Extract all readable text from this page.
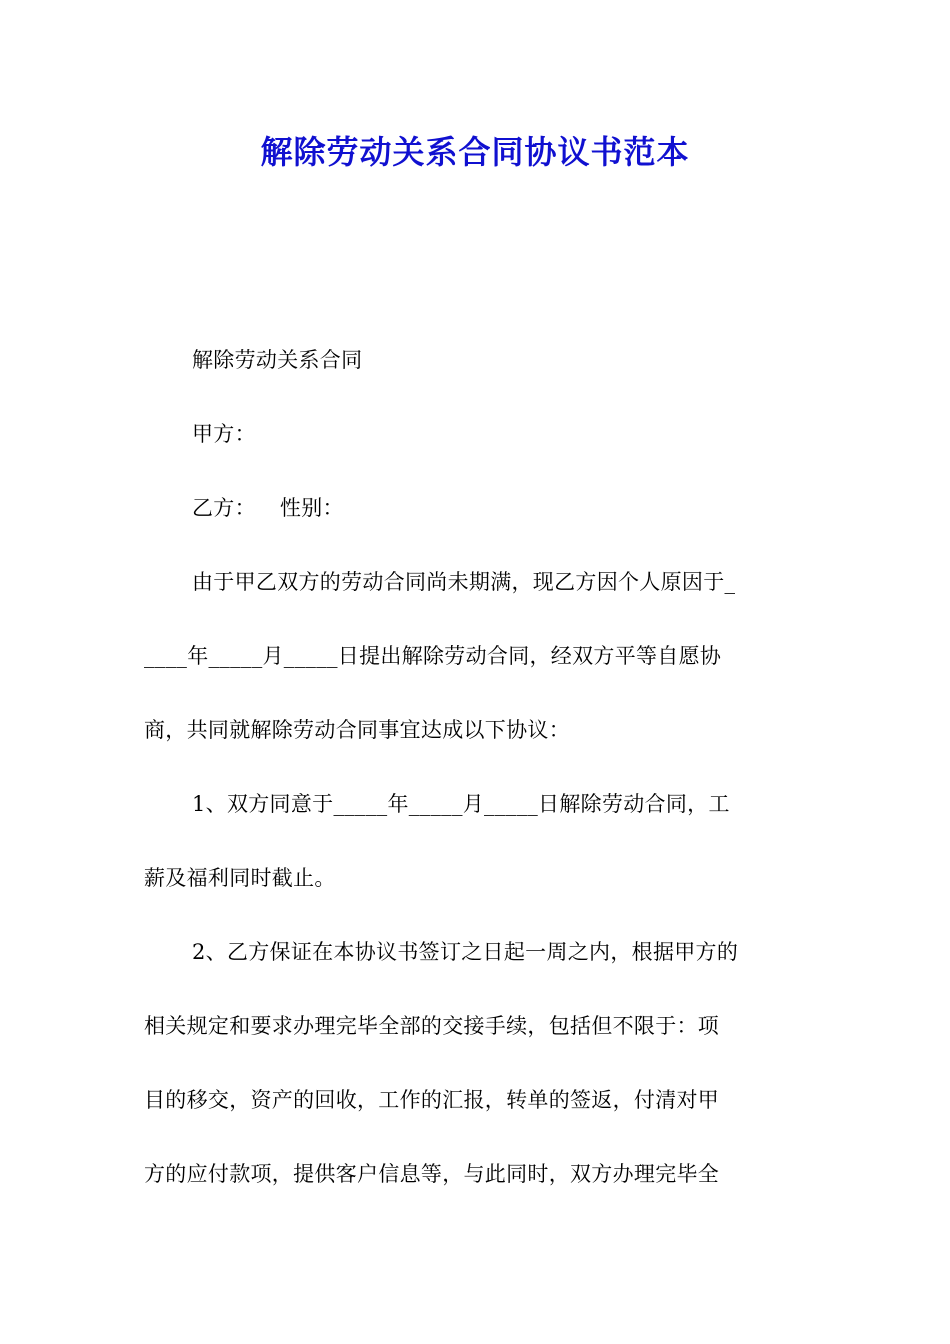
解除劳动关系合同协议书范本

解除劳动关系合同

甲方：

乙方： 性别：

由于甲乙双方的劳动合同尚未期满，现乙方因个人原因于_
____年_____月_____日提出解除劳动合同，经双方平等自愿协
商，共同就解除劳动合同事宜达成以下协议：

1、双方同意于_____年_____月_____日解除劳动合同，工
薪及福利同时截止。

2、乙方保证在本协议书签订之日起一周之内，根据甲方的
相关规定和要求办理完毕全部的交接手续，包括但不限于：项
目的移交，资产的回收，工作的汇报，转单的签返，付清对甲
方的应付款项，提供客户信息等，与此同时，双方办理完毕全
